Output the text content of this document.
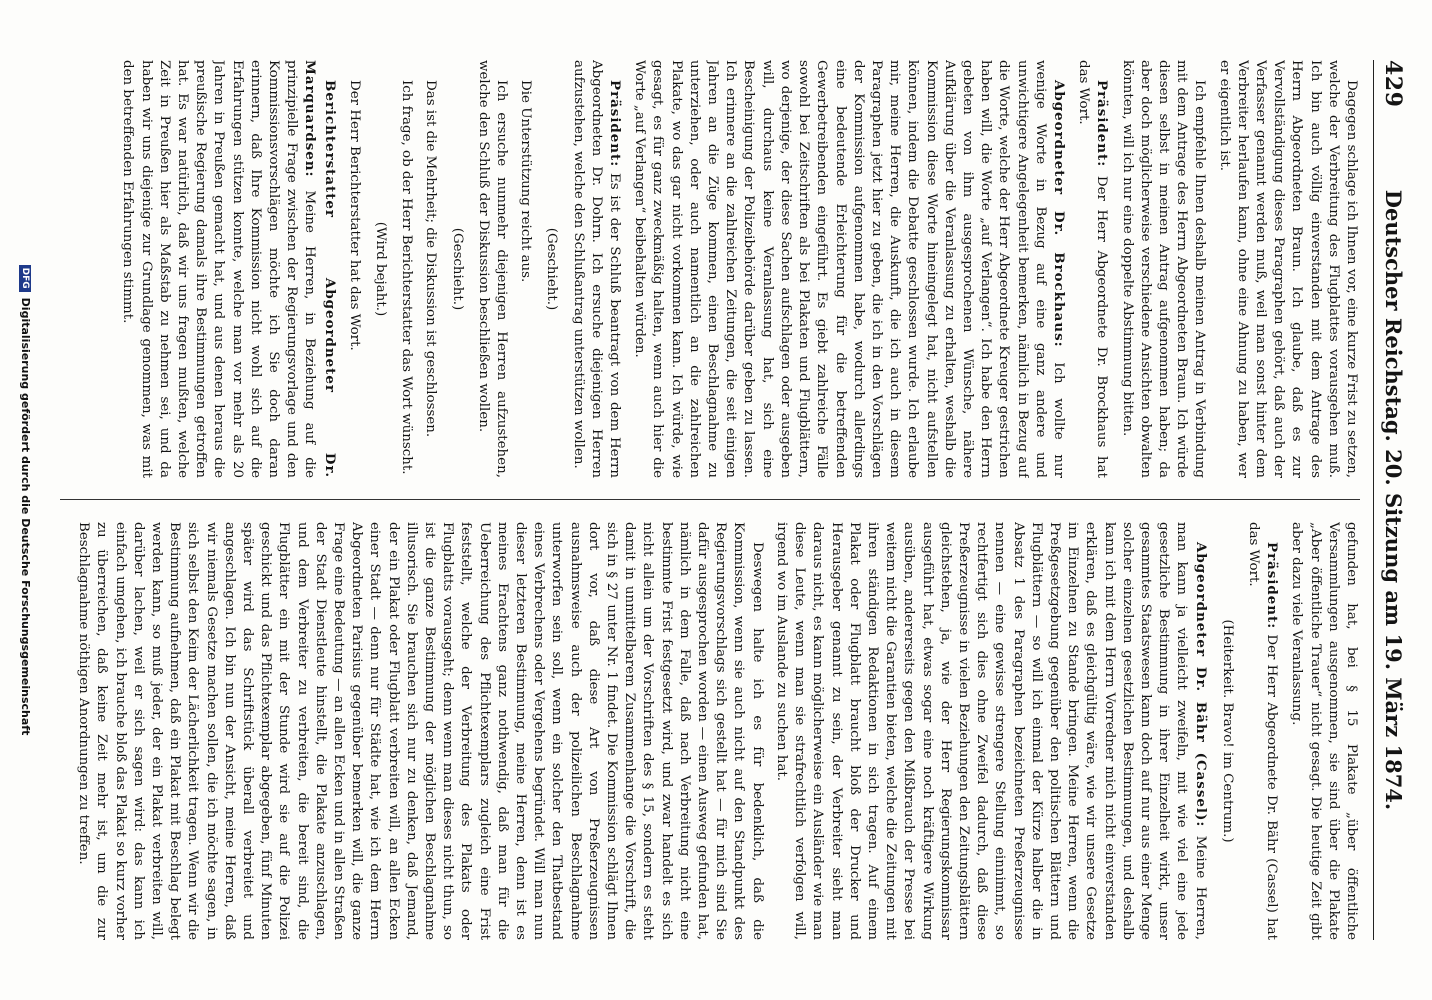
429
Deutscher Reichstag. 20. Sitzung am 19. März 1874.

Dagegen schlage ich Ihnen vor, eine kurze Frist zu setzen, welche der Verbreitung des Flugblattes vorausgehen muß. Ich bin auch völlig einverstanden mit dem Antrage des Herrn Abgeordneten Braun. Ich glaube, daß es zur Vervollständigung dieses Paragraphen gehört, daß auch der Verfasser genannt werden muß, weil man sonst hinter dem Verbreiter herlaufen kann, ohne eine Ahnung zu haben, wer er eigentlich ist.

Ich empfehle Ihnen deshalb meinen Antrag in Verbindung mit dem Antrage des Herrn Abgeordneten Braun. Ich würde diesen selbst in meinen Antrag aufgenommen haben; da aber doch möglicherweise verschiedene Ansichten obwalten könnten, will ich nur eine doppelte Abstimmung bitten.

Präsident: Der Herr Abgeordnete Dr. Brockhaus hat das Wort.

Abgeordneter Dr. Brockhaus: Ich wollte nur wenige Worte in Bezug auf eine ganz andere und unwichtigere Angelegenheit bemerken, nämlich in Bezug auf die Worte, welche der Herr Abgeordnete Kreuger gestrichen haben will, die Worte „auf Verlangen“. Ich habe den Herrn gebeten von ihm ausgesprochenen Wünsche, nähere Aufklärung über die Veranlassung zu erhalten, weshalb die Kommission diese Worte hineingelegt hat, nicht aufstellen können, indem die Debatte geschlossen wurde. Ich erlaube mir, meine Herren, die Auskunft, die ich auch in diesem Paragraphen jetzt hier zu geben, die ich in den Vorschlägen der Kommission aufgenommen habe, wodurch allerdings eine bedeutende Erleichterung für die betreffenden Gewerbetreibenden eingeführt. Es giebt zahlreiche Fälle sowohl bei Zeitschriften als bei Plakaten und Flugblättern, wo derjenige, der diese Sachen aufschlagen oder ausgeben will, durchaus keine Veranlassung hat, sich eine Bescheinigung der Polizeibehörde darüber geben zu lassen. Ich erinnere an die zahlreichen Zeitungen, die seit einigen Jahren an die Züge kommen, einen Beschlagnahme zu unterziehen, oder auch namentlich an die zahlreichen Plakate, wo das gar nicht vorkommen kann. Ich würde, wie gesagt, es für ganz zweckmäßig halten, wenn auch hier die Worte „auf Verlangen“ beibehalten würden.

Präsident: Es ist der Schluß beantragt von dem Herrn Abgeordneten Dr. Dohrn. Ich ersuche diejenigen Herren aufzustehen, welche den Schlußantrag unterstützen wollen.

(Geschieht.)

Die Unterstützung reicht aus.

Ich ersuche nunmehr diejenigen Herren aufzustehen, welche den Schluß der Diskussion beschließen wollen.

(Geschieht.)

Das ist die Mehrheit; die Diskussion ist geschlossen.

Ich frage, ob der Herr Berichterstatter das Wort wünscht.

(Wird bejaht.)

Der Herr Berichterstatter hat das Wort.

Berichterstatter Abgeordneter Dr. Marquardsen: Meine Herren, in Beziehung auf die prinzipielle Frage zwischen der Regierungsvorlage und den Kommissionsvorschlägen möchte ich Sie doch daran erinnern, daß Ihre Kommission nicht wohl sich auf die Erfahrungen stützen konnte, welche man vor mehr als 20 Jahren in Preußen gemacht hat, und aus denen heraus die preußische Regierung damals ihre Bestimmungen getroffen hat. Es war natürlich, daß wir uns fragen mußten, welche Zeit in Preußen hier als Maßstab zu nehmen sei, und da haben wir uns diejenige zur Grundlage genommen, was mit den betreffenden Erfahrungen stimmt.

gefunden hat, bei § 15 Plakate „über öffentliche Versammlungen ausgenommen, sie sind über die Plakate „Aber öffentliche Trauer“ nicht gesagt. Die heutige Zeit gibt aber dazu viele Veranlassung.

Präsident: Der Herr Abgeordnete Dr. Bähr (Cassel) hat das Wort.

(Heiterkeit. Bravo! im Centrum.)

Abgeordneter Dr. Bähr (Cassel): Meine Herren, man kann ja vielleicht zweifeln, mit wie viel eine jede gesetzliche Bestimmung in ihrer Einzelheit wirkt, unser gesammtes Staatswesen kann doch auf nur aus einer Menge solcher einzelnen gesetzlichen Bestimmungen, und deshalb kann ich mit dem Herrn Vorredner mich nicht einverstanden erklären, daß es gleichgültig wäre, wie wir unsere Gesetze im Einzelnen zu Stande bringen. Meine Herren, wenn die Preßgesetzgebung gegenüber den politischen Blättern und Flugblättern — so will ich einmal der Kürze halber die in Absatz 1 des Paragraphen bezeichneten Preßerzeugnisse nennen — eine gewisse strengere Stellung einnimmt, so rechtfertigt sich dies ohne Zweifel dadurch, daß diese Preßerzeugnisse in vielen Beziehungen den Zeitungsblättern gleichstehen, ja, wie der Herr Regierungskommissar ausgeführt hat, etwas sogar eine noch kräftigere Wirkung ausüben, andererseits gegen den Mißbrauch der Presse bei weitem nicht die Garantien bieten, welche die Zeitungen mit ihren ständigen Redaktionen in sich tragen. Auf einem Plakat oder Flugblatt braucht bloß der Drucker und Herausgeber genannt zu sein, der Verbreiter sieht man daraus nicht, es kann möglicherweise ein Ausländer wie man diese Leute, wenn man sie strafrechtlich verfolgen will, irgend wo im Auslande zu suchen hat.

Deswegen halte ich es für bedenklich, daß die Kommission, wenn sie auch nicht auf den Standpunkt des Regierungsvorschlags sich gestellt hat — für mich sind Sie dafür ausgesprochen worden — einen Ausweg gefunden hat, nämlich in dem Falle, daß nach Verbreitung nicht eine bestimmte Frist festgesetzt wird, und zwar handelt es sich nicht allein um der Vorschriften des § 15, sondern es steht damit in unmittelbarem Zusammenhange die Vorschrift, die sich in § 27 unter Nr. 1 findet. Die Kommission schlägt Ihnen dort vor, daß diese Art von Preßerzeugnissen ausnahmsweise auch der polizeilichen Beschlagnahme unterworfen sein soll, wenn ein solcher den Thatbestand eines Verbrechens oder Vergehens begründet. Will man nun dieser letzteren Bestimmung, meine Herren, denn ist es meines Erachtens ganz nothwendig, daß man für die Ueberreichung des Pflichtexemplars zugleich eine Frist feststellt, welche der Verbreitung des Plakats oder Flugblatts vorausgeht; denn wenn man dieses nicht thun, so ist die ganze Bestimmung der möglichen Beschlagnahme illusorisch. Sie brauchen sich nur zu denken, daß Jemand, der ein Plakat oder Flugblatt verbreiten will, an allen Ecken einer Stadt — denn nur für Städte hat, wie ich dem Herrn Abgeordneten Parisius gegenüber bemerken will, die ganze Frage eine Bedeutung — an allen Ecken und in allen Straßen der Stadt Dienstleute hinstellt, die Plakate anzuschlagen, und dem Verbreiter zu verbreiten, die bereit sind, die Flugblätter ein mit der Stunde wird sie auf die Polizei geschickt und das Pflichtexemplar abgegeben, fünf Minuten später wird das Schriftstück überall verbreitet und angeschlagen. Ich bin nun der Ansicht, meine Herren, daß wir niemals Gesetze machen sollen, die ich möchte sagen, in sich selbst den Keim der Lächerlichkeit tragen. Wenn wir die Bestimmung aufnehmen, daß ein Plakat mit Beschlag belegt werden kann, so muß jeder, der ein Plakat verbreiten will, darüber lachen, weil er sich sagen wird: das kann ich einfach umgehen, ich brauche bloß das Plakat so kurz vorher zu überreichen, daß keine Zeit mehr ist, um die zur Beschlagnahme nöthigen Anordnungen zu treffen.

DFGDigitalisierung gefördert durch die Deutsche Forschungsgemeinschaft
